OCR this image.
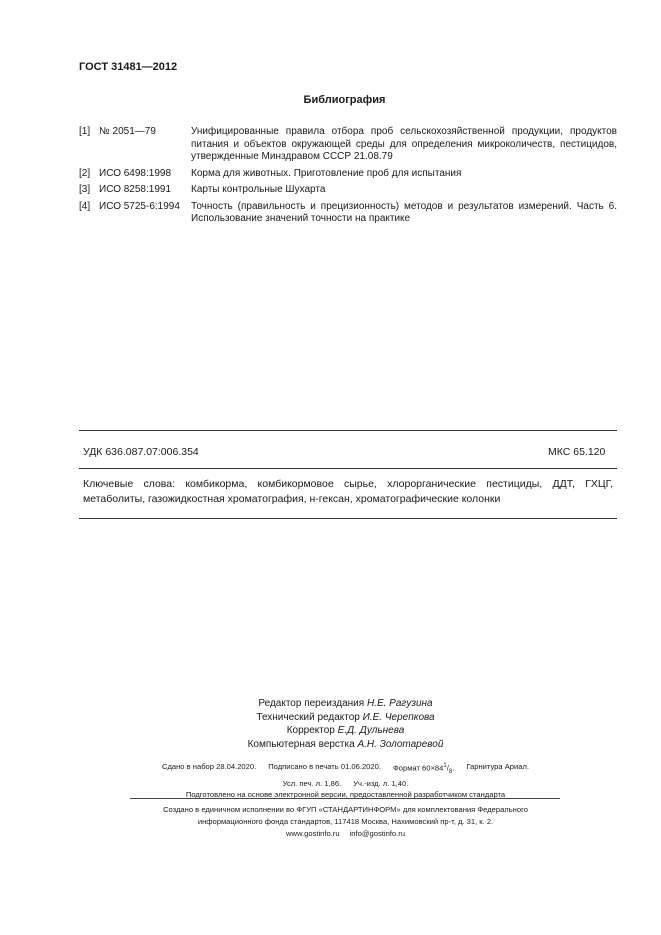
ГОСТ 31481—2012
Библиография
[1] № 2051—79	Унифицированные правила отбора проб сельскохозяйственной продукции, продуктов питания и объектов окружающей среды для определения микроколичеств, пестицидов, утвержденные Минздравом СССР 21.08.79
[2] ИСО 6498:1998	Корма для животных. Приготовление проб для испытания
[3] ИСО 8258:1991	Карты контрольные Шухарта
[4] ИСО 5725-6:1994	Точность (правильность и прецизионность) методов и результатов измерений. Часть 6. Использование значений точности на практике
УДК 636.087.07:006.354	МКС 65.120
Ключевые слова: комбикорма, комбикормовое сырье, хлорорганические пестициды, ДДТ, ГХЦГ, метаболиты, газожидкостная хроматография, н-гексан, хроматографические колонки
Редактор переиздания Н.Е. Рагузина
Технический редактор И.Е. Черепкова
Корректор Е.Д. Дульнева
Компьютерная верстка А.Н. Золотаревой
Сдано в набор 28.04.2020. Подписано в печать 01.06.2020. Формат $60\times 84^1/_8$. Гарнитура Ариал.
Усл. печ. л. 1,86. Уч.-изд. л. 1,40.
Подготовлено на основе электронной версии, предоставленной разработчиком стандарта
Создано в единичном исполнении во ФГУП «СТАНДАРТИНФОРМ» для комплектования Федерального
информационного фонда стандартов, 117418 Москва, Нахимовский пр-т, д. 31, к. 2.
www.gostinfo.ru info@gostinfo.ru
